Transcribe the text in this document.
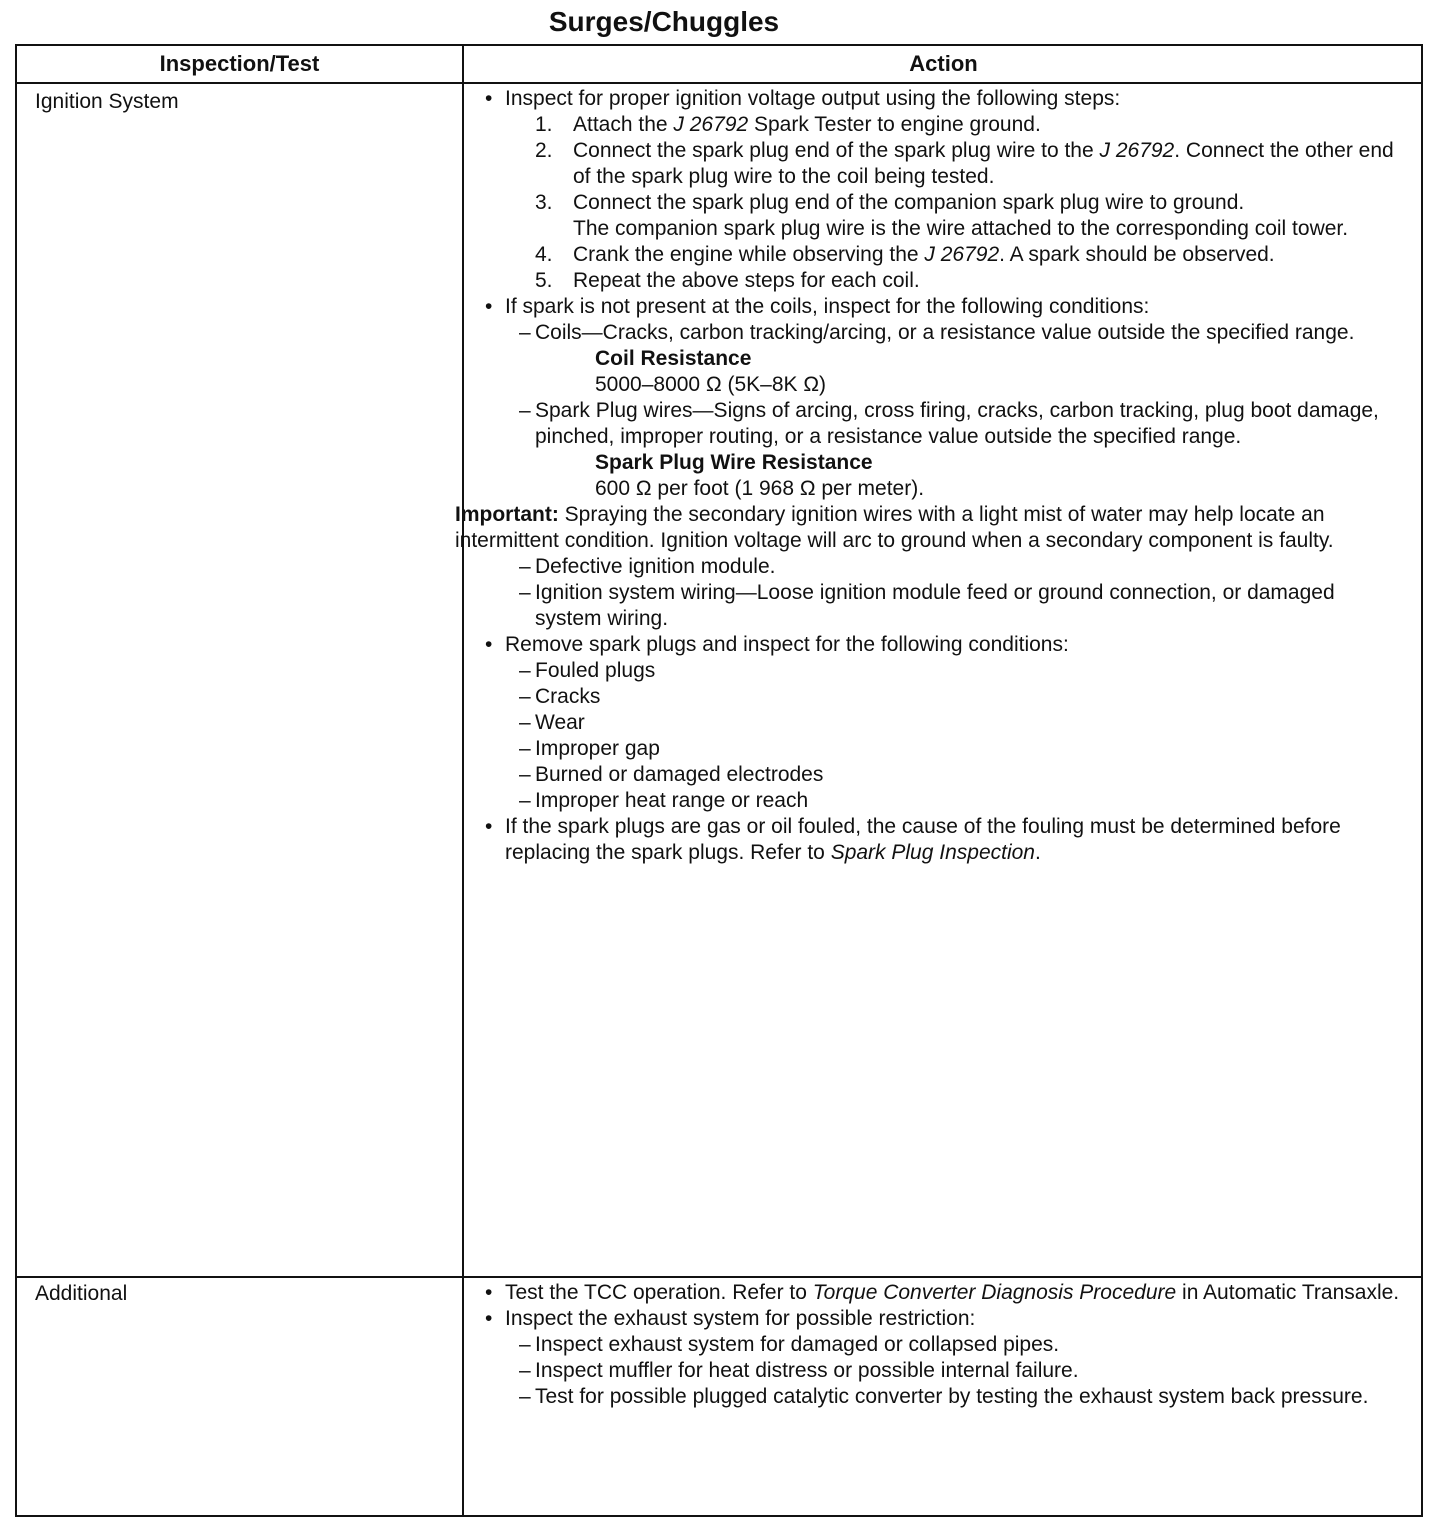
Surges/Chuggles
Inspection/Test	Action
Ignition System
Additional

• Inspect for proper ignition voltage output using the following steps:

1. Attach the J 26792 Spark Tester to engine ground.

2. Connect the spark plug end of the spark plug wire to the J 26792. Connect the other end of the spark plug wire to the coil being tested.

3. Connect the spark plug end of the companion spark plug wire to ground.

The companion spark plug wire is the wire attached to the corresponding coil tower.

4. Crank the engine while observing the J 26792. A spark should be observed.

5. Repeat the above steps for each coil.

• If spark is not present at the coils, inspect for the following conditions:

– Coils—Cracks, carbon tracking/arcing, or a resistance value outside the specified range.

Coil Resistance

5000–8000 Ω (5K–8K Ω)

– Spark Plug wires—Signs of arcing, cross firing, cracks, carbon tracking, plug boot damage, pinched, improper routing, or a resistance value outside the specified range.

Spark Plug Wire Resistance

600 Ω per foot (1 968 Ω per meter).

Important: Spraying the secondary ignition wires with a light mist of water may help locate an intermittent condition. Ignition voltage will arc to ground when a secondary component is faulty.

– Defective ignition module.

– Ignition system wiring—Loose ignition module feed or ground connection, or damaged system wiring.

• Remove spark plugs and inspect for the following conditions:

– Fouled plugs

– Cracks

– Wear

– Improper gap

– Burned or damaged electrodes

– Improper heat range or reach

• If the spark plugs are gas or oil fouled, the cause of the fouling must be determined before replacing the spark plugs. Refer to Spark Plug Inspection.

• Test the TCC operation. Refer to Torque Converter Diagnosis Procedure in Automatic Transaxle.

• Inspect the exhaust system for possible restriction:

– Inspect exhaust system for damaged or collapsed pipes.

– Inspect muffler for heat distress or possible internal failure.

– Test for possible plugged catalytic converter by testing the exhaust system back pressure.
